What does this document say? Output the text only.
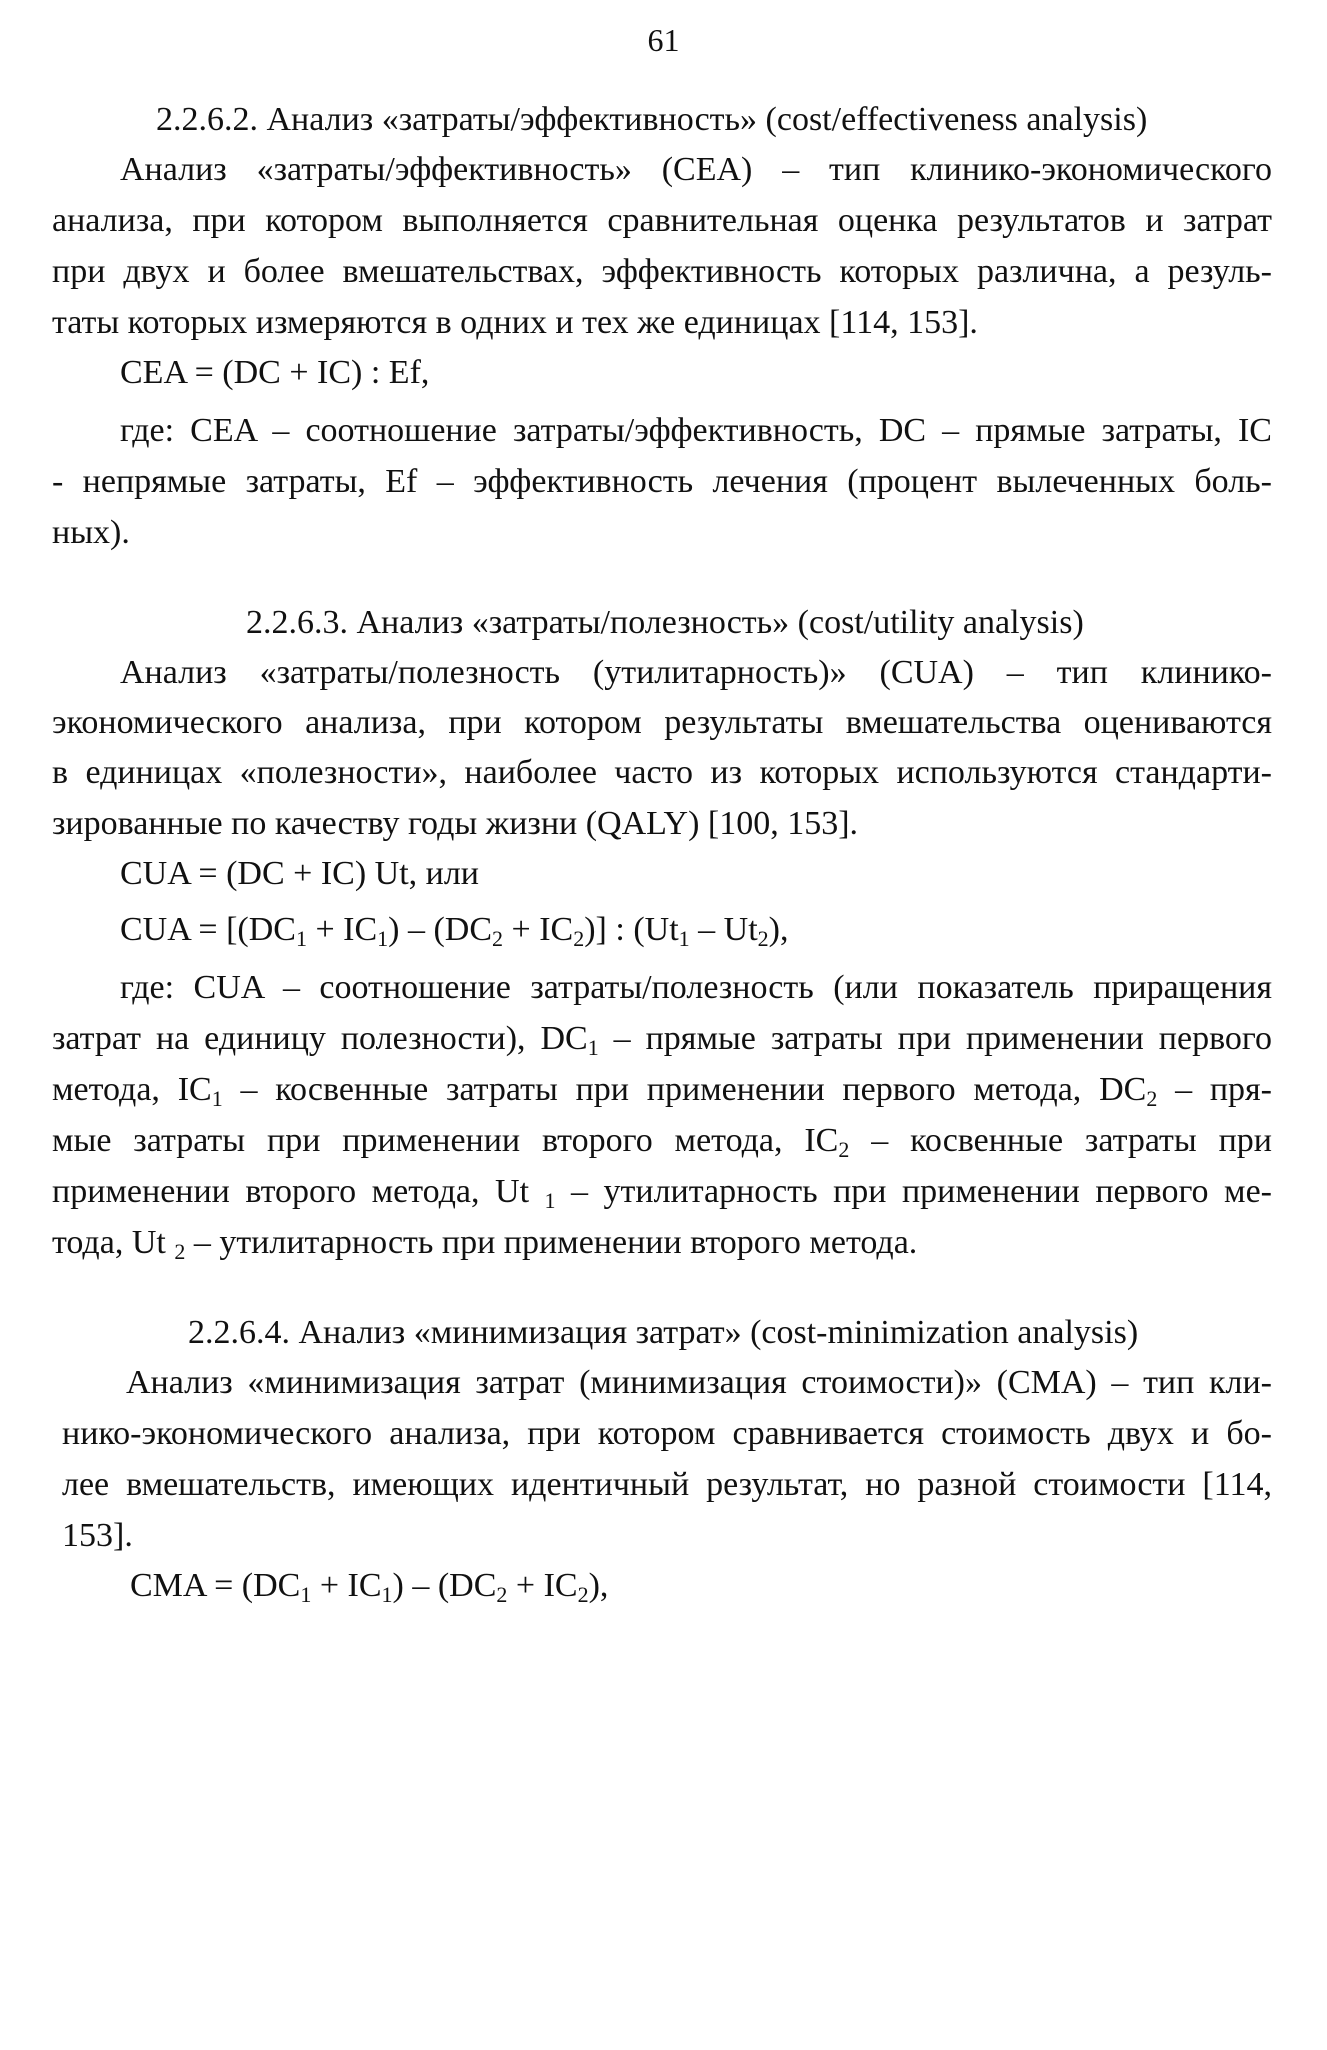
61
2.2.6.2. Анализ «затраты/эффективность» (cost/effectiveness analysis)
Анализ «затраты/эффективность» (CEA) – тип клинико-экономического
анализа, при котором выполняется сравнительная оценка результатов и затрат
при двух и более вмешательствах, эффективность которых различна, а резуль-
таты которых измеряются в одних и тех же единицах [114, 153].
CEA = (DC + IC) : Ef,
где: CEA – соотношение затраты/эффективность, DC – прямые затраты, IC
- непрямые затраты, Ef – эффективность лечения (процент вылеченных боль-
ных).
2.2.6.3. Анализ «затраты/полезность» (cost/utility analysis)
Анализ «затраты/полезность (утилитарность)» (CUA) – тип клинико-
экономического анализа, при котором результаты вмешательства оцениваются
в единицах «полезности», наиболее часто из которых используются стандарти-
зированные по качеству годы жизни (QALY) [100, 153].
CUA = (DC + IC) Ut, или
CUA = $[(DC_1 + IC_1) - (DC_2 + IC_2)]$ : $(Ut_1 - Ut_2)$,
где: CUA – соотношение затраты/полезность (или показатель приращения
затрат на единицу полезности), $DC_1$ – прямые затраты при применении первого
метода, $IC_1$ – косвенные затраты при применении первого метода, $DC_2 - пря-$
мые затраты при применении второго метода, $IC_2$ – косвенные затраты при
применении второго метода, Ut $_1$ – утилитарность при применении первого ме-
тода, Ut $_2$ – утилитарность при применении второго метода.
2.2.6.4. Анализ «минимизация затрат» (cost-minimization analysis)
Анализ «минимизация затрат (минимизация стоимости)» (CMA) – тип кли-
нико-экономического анализа, при котором сравнивается стоимость двух и бо-
лее вмешательств, имеющих идентичный результат, но разной стоимости [114,
153].
CMA = $(DC_1 + IC_1) - (DC_2 + IC_2)$,
